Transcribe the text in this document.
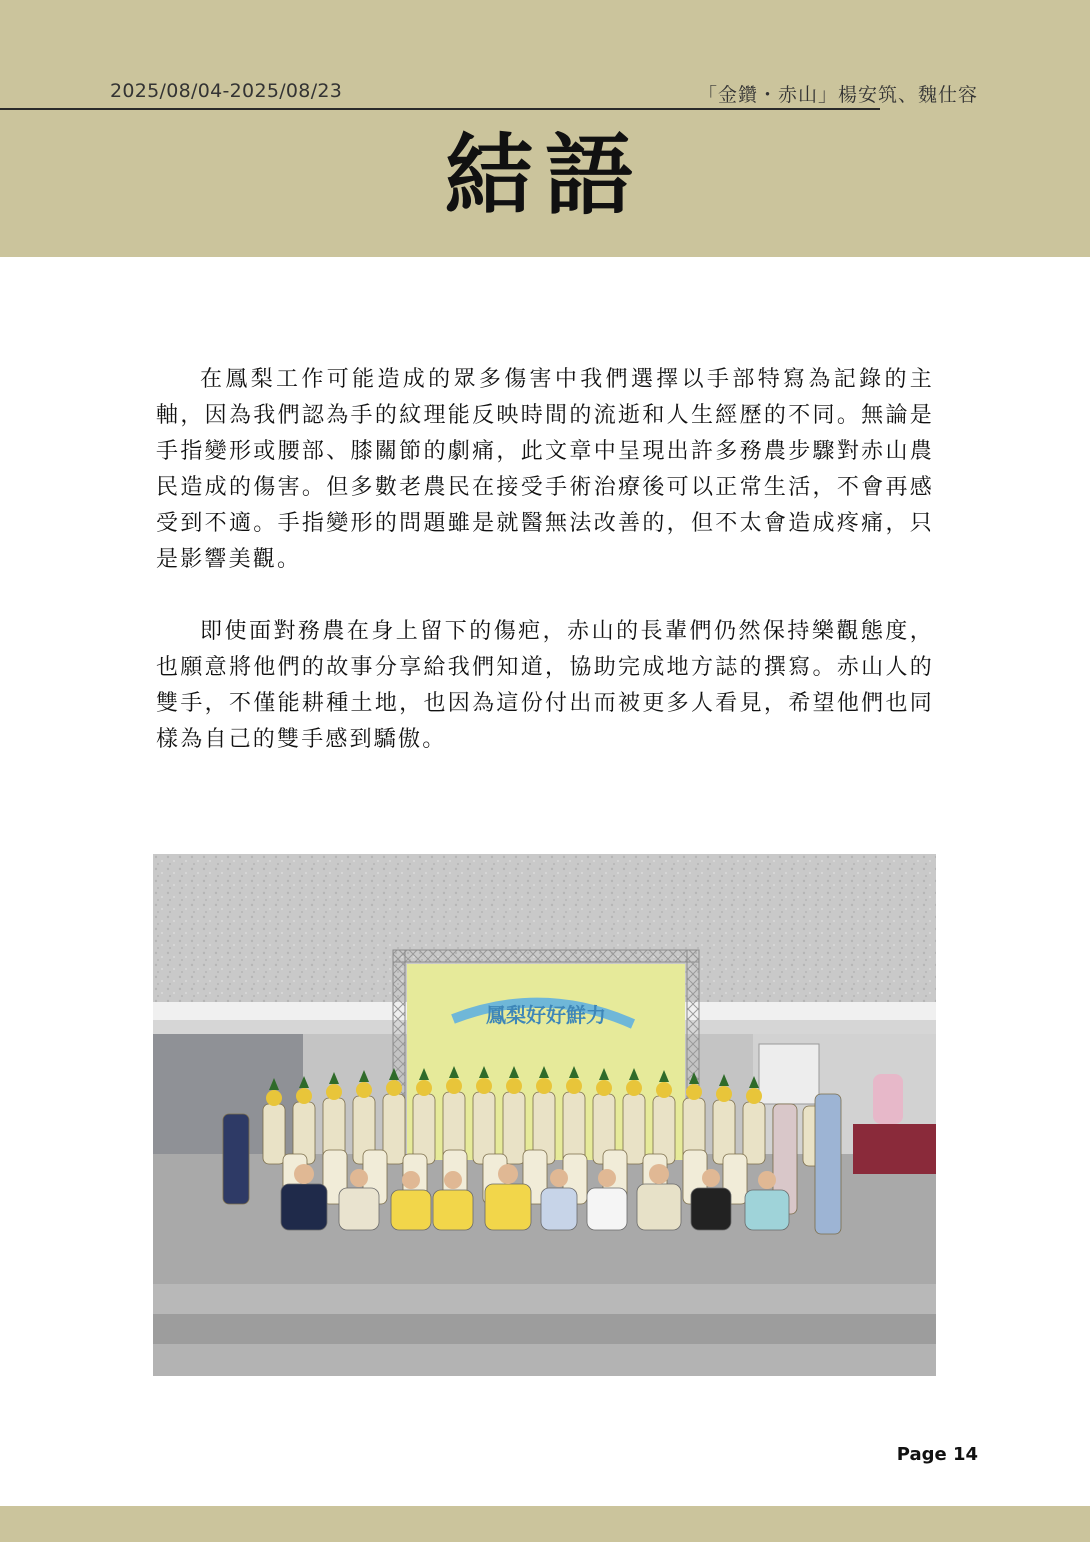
2025/08/04-2025/08/23	「金鑽・赤山」楊安筑、魏仕容
結語

在鳳梨工作可能造成的眾多傷害中我們選擇以手部特寫為記錄的主軸，因為我們認為手的紋理能反映時間的流逝和人生經歷的不同。無論是手指變形或腰部、膝關節的劇痛，此文章中呈現出許多務農步驟對赤山農民造成的傷害。但多數老農民在接受手術治療後可以正常生活，不會再感受到不適。手指變形的問題雖是就醫無法改善的，但不太會造成疼痛，只是影響美觀。

即使面對務農在身上留下的傷疤，赤山的長輩們仍然保持樂觀態度，也願意將他們的故事分享給我們知道，協助完成地方誌的撰寫。赤山人的雙手，不僅能耕種土地，也因為這份付出而被更多人看見，希望他們也同樣為自己的雙手感到驕傲。

鳳梨好好鮮力
Page 14
